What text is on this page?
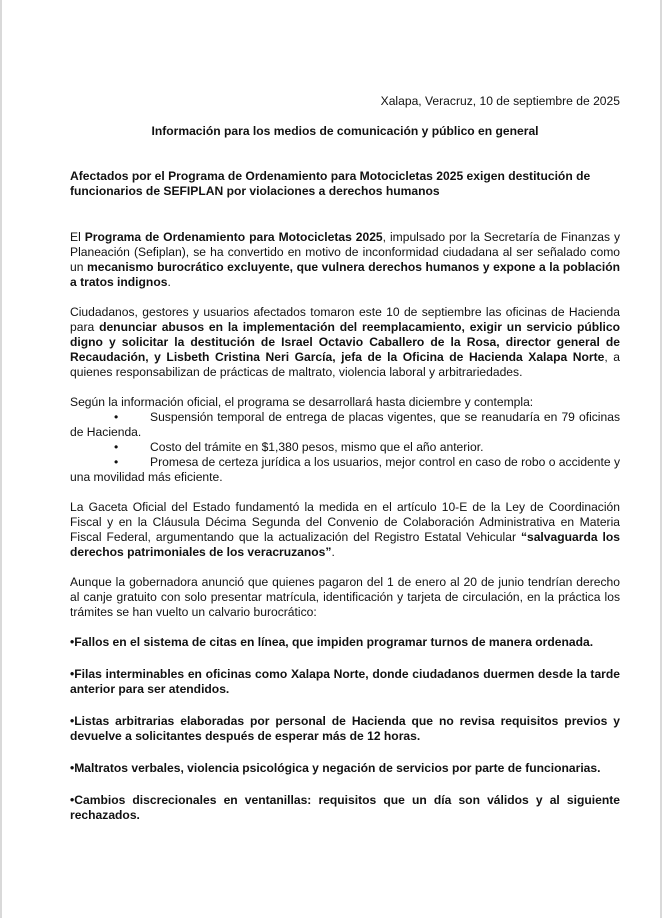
Xalapa, Veracruz, 10 de septiembre de 2025
Información para los medios de comunicación y público en general
Afectados por el Programa de Ordenamiento para Motocicletas 2025 exigen destitución de funcionarios de SEFIPLAN por violaciones a derechos humanos

El Programa de Ordenamiento para Motocicletas 2025, impulsado por la Secretaría de Finanzas y Planeación (Sefiplan), se ha convertido en motivo de inconformidad ciudadana al ser señalado como un mecanismo burocrático excluyente, que vulnera derechos humanos y expone a la población a tratos indignos.

Ciudadanos, gestores y usuarios afectados tomaron este 10 de septiembre las oficinas de Hacienda para denunciar abusos en la implementación del reemplacamiento, exigir un servicio público digno y solicitar la destitución de Israel Octavio Caballero de la Rosa, director general de Recaudación, y Lisbeth Cristina Neri García, jefa de la Oficina de Hacienda Xalapa Norte, a quienes responsabilizan de prácticas de maltrato, violencia laboral y arbitrariedades.

Según la información oficial, el programa se desarrollará hasta diciembre y contempla:

•	Suspensión temporal de entrega de placas vigentes, que se reanudaría en 79 oficinas de Hacienda.
•	Costo del trámite en $1,380 pesos, mismo que el año anterior.
•	Promesa de certeza jurídica a los usuarios, mejor control en caso de robo o accidente y una movilidad más eficiente.

La Gaceta Oficial del Estado fundamentó la medida en el artículo 10-E de la Ley de Coordinación Fiscal y en la Cláusula Décima Segunda del Convenio de Colaboración Administrativa en Materia Fiscal Federal, argumentando que la actualización del Registro Estatal Vehicular “salvaguarda los derechos patrimoniales de los veracruzanos”.

Aunque la gobernadora anunció que quienes pagaron del 1 de enero al 20 de junio tendrían derecho al canje gratuito con solo presentar matrícula, identificación y tarjeta de circulación, en la práctica los trámites se han vuelto un calvario burocrático:

•Fallos en el sistema de citas en línea, que impiden programar turnos de manera ordenada.
•Filas interminables en oficinas como Xalapa Norte, donde ciudadanos duermen desde la tarde anterior para ser atendidos.
•Listas arbitrarias elaboradas por personal de Hacienda que no revisa requisitos previos y devuelve a solicitantes después de esperar más de 12 horas.
•Maltratos verbales, violencia psicológica y negación de servicios por parte de funcionarias.
•Cambios discrecionales en ventanillas: requisitos que un día son válidos y al siguiente rechazados.
